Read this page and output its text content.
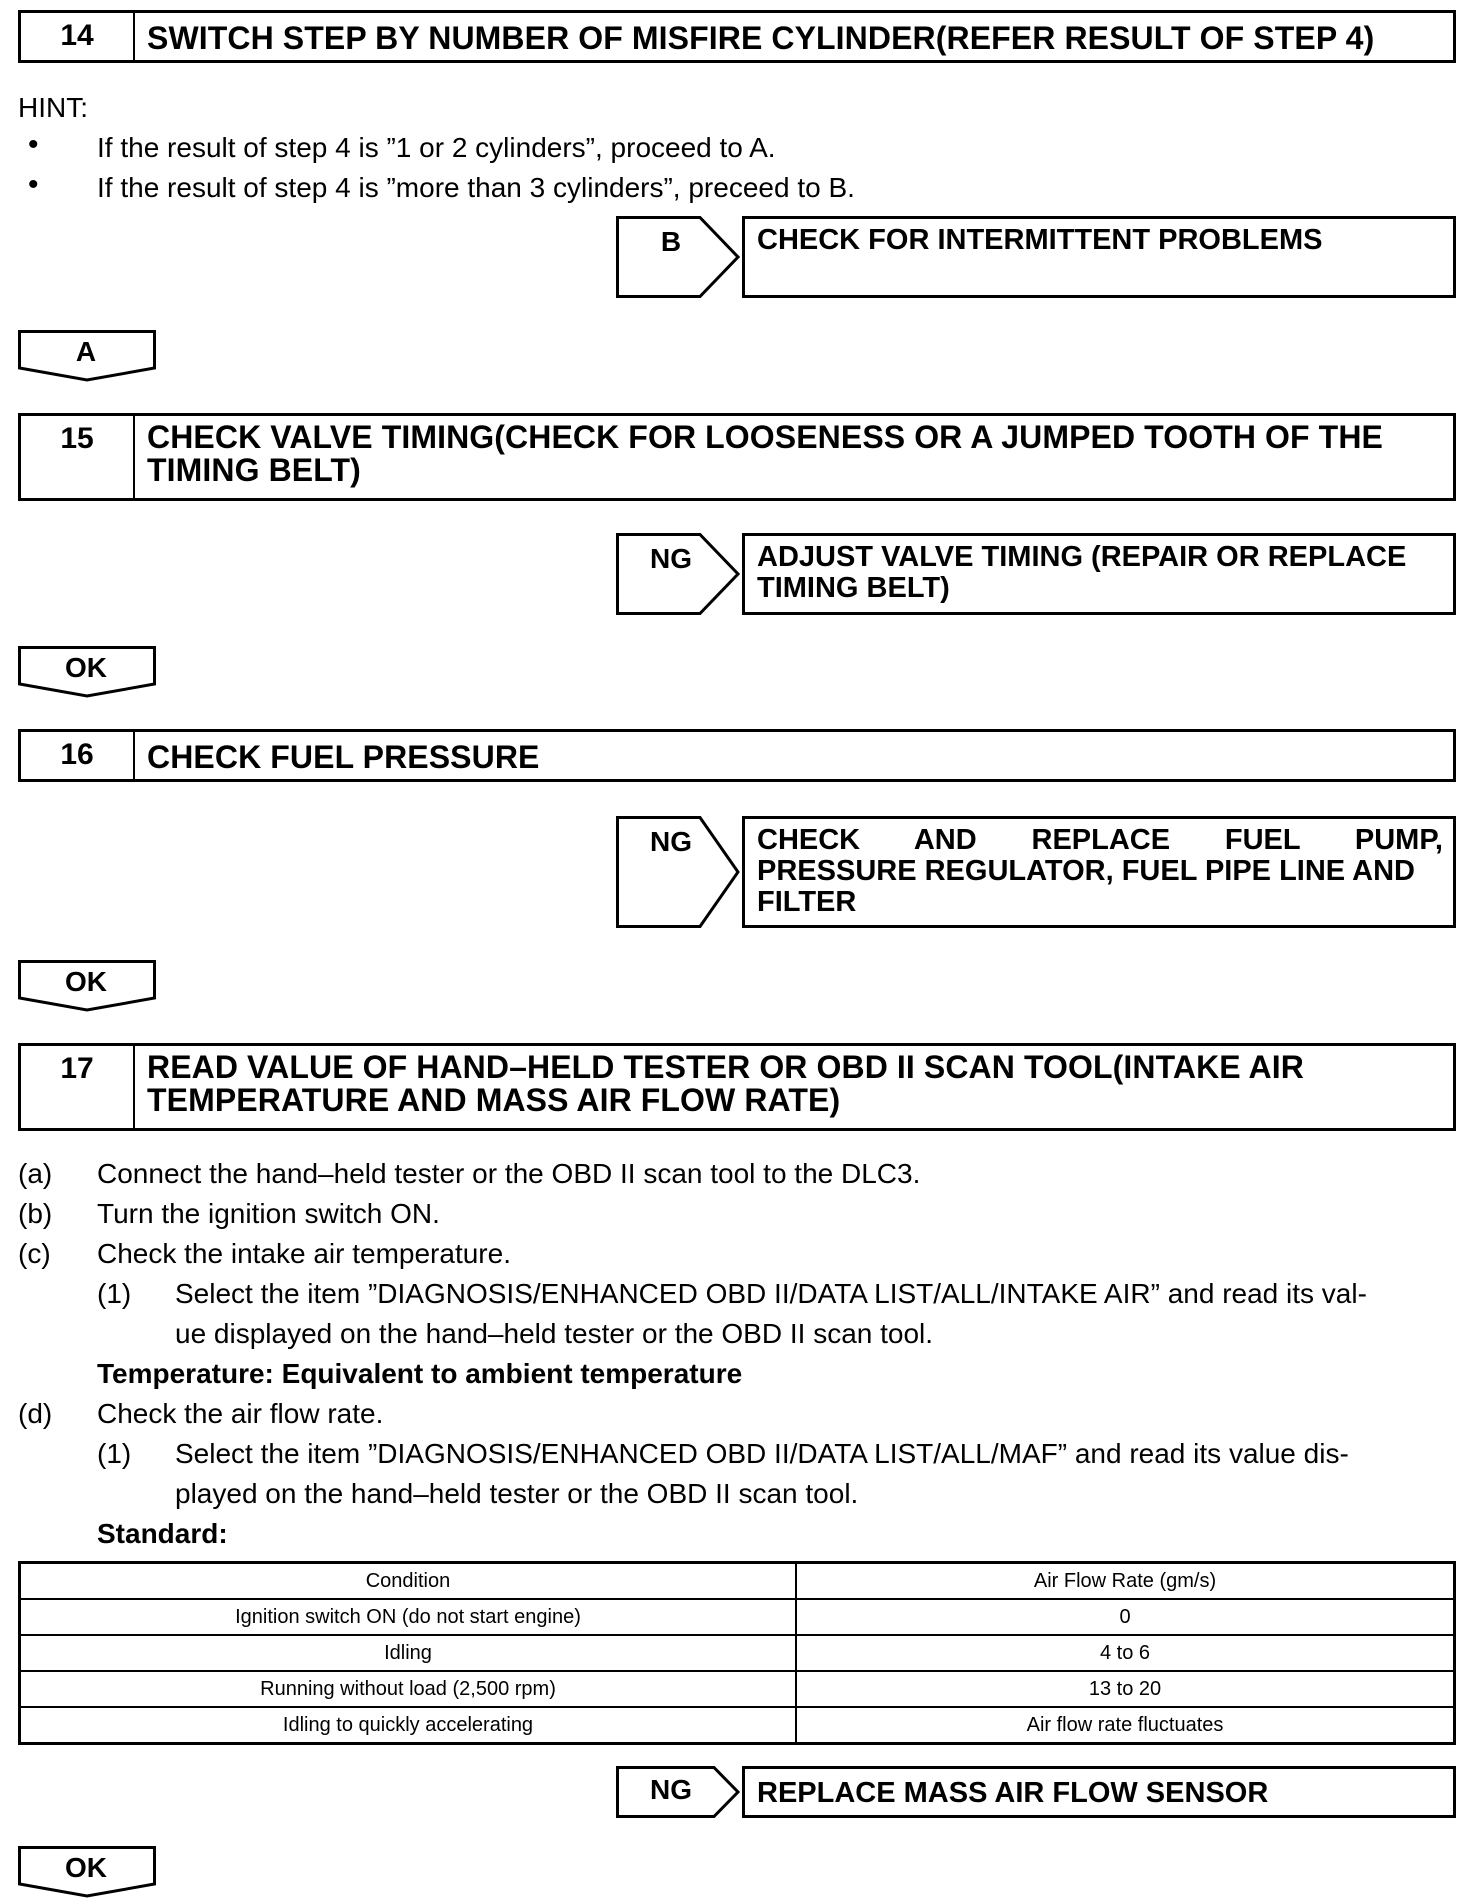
14	SWITCH STEP BY NUMBER OF MISFIRE CYLINDER(REFER RESULT OF STEP 4)
HINT:
• If the result of step 4 is ”1 or 2 cylinders”, proceed to A.
• If the result of step 4 is ”more than 3 cylinders”, preceed to B.
B	CHECK FOR INTERMITTENT PROBLEMS
A
15	CHECK VALVE TIMING(CHECK FOR LOOSENESS OR A JUMPED TOOTH OF THE
TIMING BELT)
NG	ADJUST VALVE TIMING (REPAIR OR REPLACE
TIMING BELT)
OK
16	CHECK FUEL PRESSURE
NG	CHECK AND REPLACE FUEL PUMP,
PRESSURE REGULATOR, FUEL PIPE LINE AND
FILTER
OK
17	READ VALUE OF HAND–HELD TESTER OR OBD II SCAN TOOL(INTAKE AIR
TEMPERATURE AND MASS AIR FLOW RATE)
(a) Connect the hand–held tester or the OBD II scan tool to the DLC3.
(b) Turn the ignition switch ON.
(c) Check the intake air temperature.
(1) Select the item ”DIAGNOSIS/ENHANCED OBD II/DATA LIST/ALL/INTAKE AIR” and read its val-
ue displayed on the hand–held tester or the OBD II scan tool.
Temperature: Equivalent to ambient temperature
(d) Check the air flow rate.
(1) Select the item ”DIAGNOSIS/ENHANCED OBD II/DATA LIST/ALL/MAF” and read its value dis-
played on the hand–held tester or the OBD II scan tool.
Standard:
Condition	Air Flow Rate (gm/s)
Ignition switch ON (do not start engine)	0
Idling	4 to 6
Running without load (2,500 rpm)	13 to 20
Idling to quickly accelerating	Air flow rate fluctuates
NG	REPLACE MASS AIR FLOW SENSOR
OK
